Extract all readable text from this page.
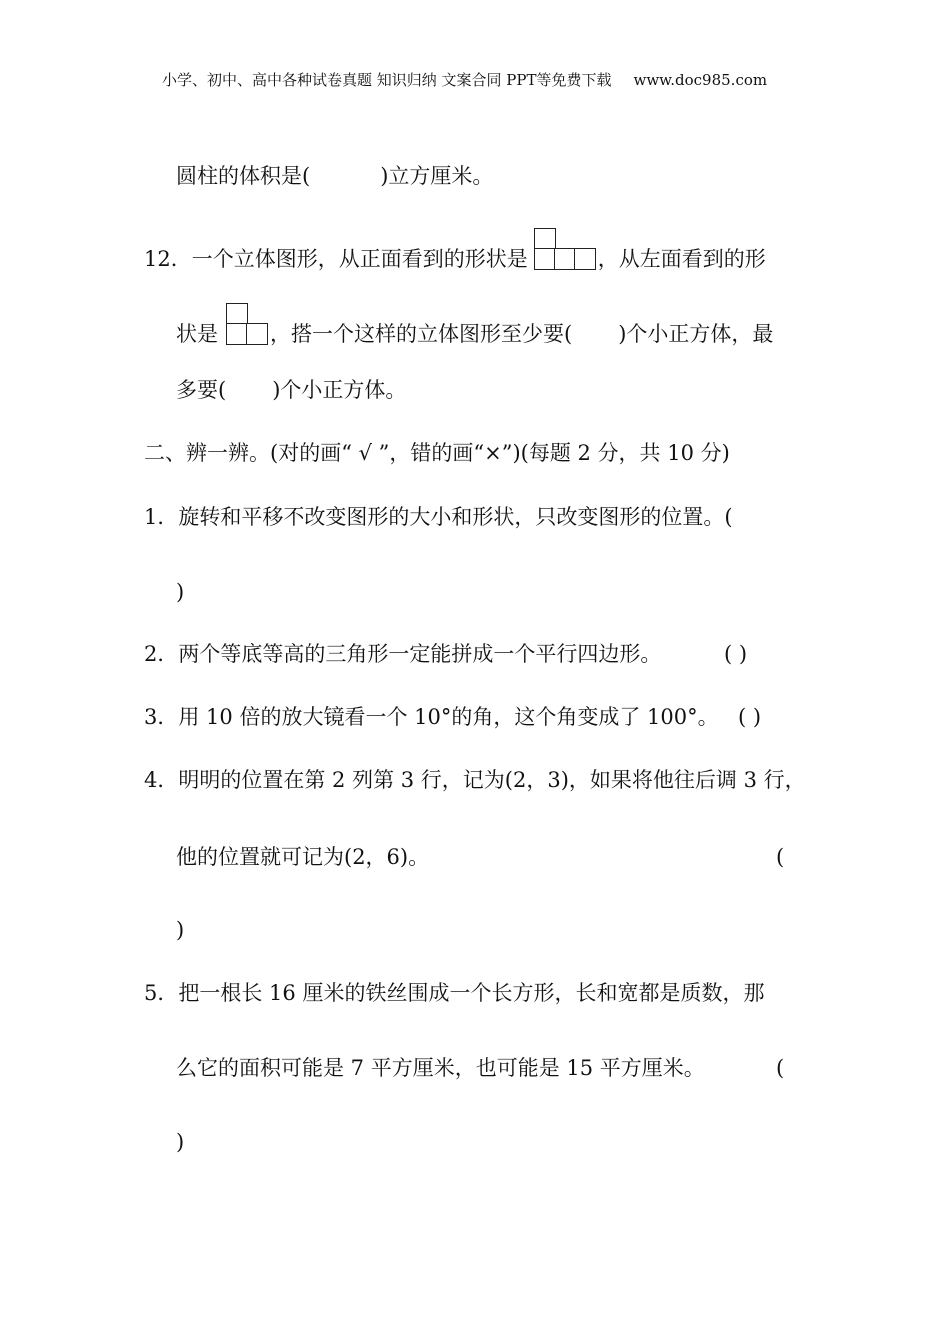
小学、初中、高中各种试卷真题 知识归纳 文案合同 PPT等免费下载 www.doc985.com
圆柱的体积是(	)立方厘米。
12．一个立体图形，从正面看到的形状是	，从左面看到的形
状是 ，搭一个这样的立体图形至少要( )个小正方体，最
多要( )个小正方体。
二、辨一辨。(对的画“ √ ”，错的画“×”)(每题 2 分，共 10 分)
1．旋转和平移不改变图形的大小和形状，只改变图形的位置。(
)
2．两个等底等高的三角形一定能拼成一个平行四边形。	( )
3．用 10 倍的放大镜看一个 10°的角，这个角变成了 100°。 ( )
4．明明的位置在第 2 列第 3 行，记为(2，3)，如果将他往后调 3 行，
他的位置就可记为(2，6)。	(
)
5．把一根长 16 厘米的铁丝围成一个长方形，长和宽都是质数，那
么它的面积可能是 7 平方厘米，也可能是 15 平方厘米。	(
)
